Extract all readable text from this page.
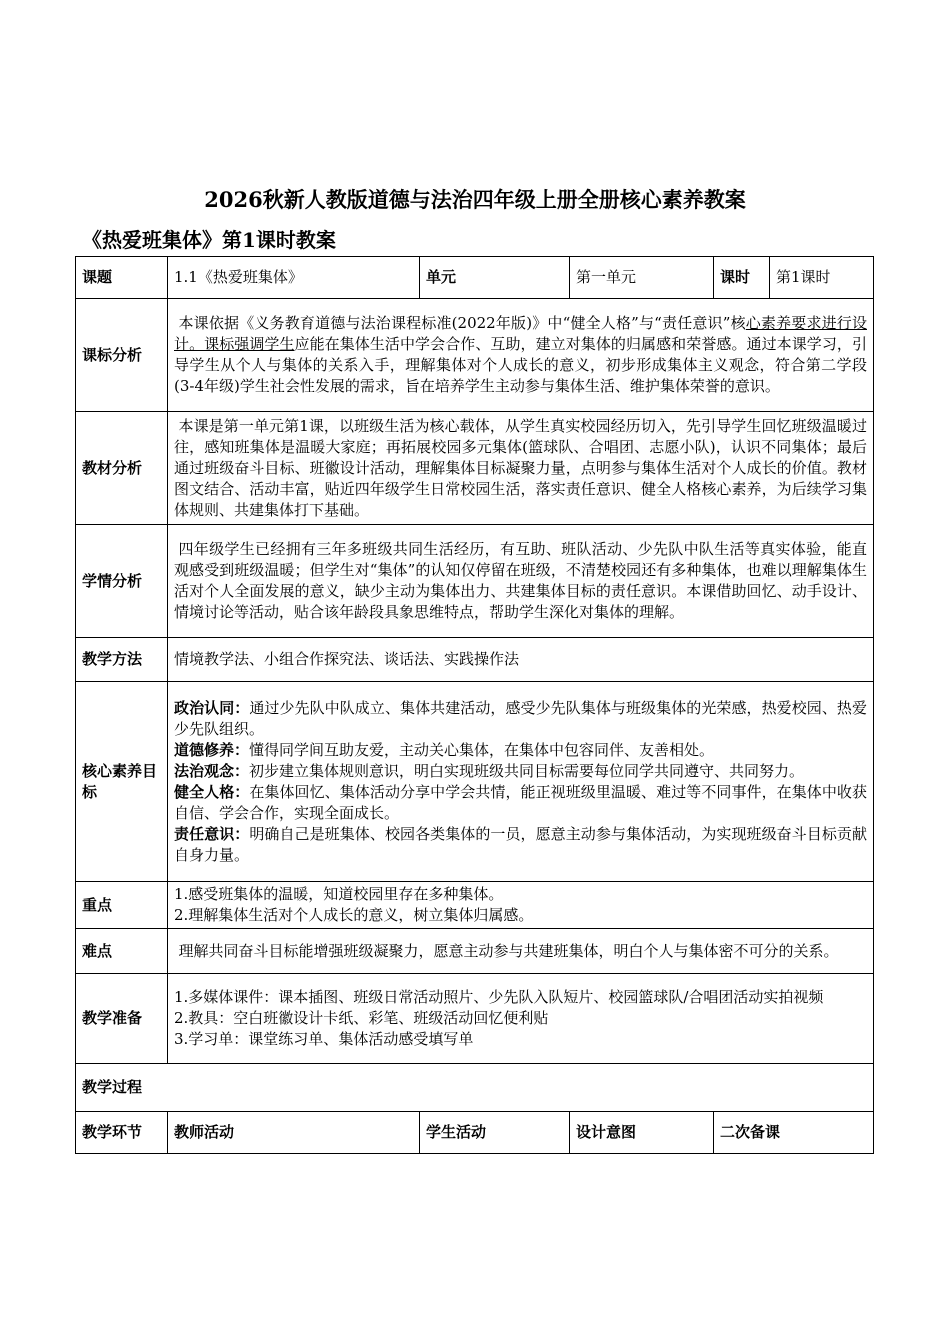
2026秋新人教版道德与法治四年级上册全册核心素养教案
《热爱班集体》第1课时教案
课题	1.1《热爱班集体》	单元	第一单元	课时	第1课时
课标分析	本课依据《义务教育道德与法治课程标准(2022年版)》中“健全人格”与“责任意识”核心素养要求进行设计。课标强调学生应能在集体生活中学会合作、互助，建立对集体的归属感和荣誉感。通过本课学习，引导学生从个人与集体的关系入手，理解集体对个人成长的意义，初步形成集体主义观念，符合第二学段(3-4年级)学生社会性发展的需求，旨在培养学生主动参与集体生活、维护集体荣誉的意识。				

教材分析	本课是第一单元第1课，以班级生活为核心载体，从学生真实校园经历切入，先引导学生回忆班级温暖过往，感知班集体是温暖大家庭；再拓展校园多元集体(篮球队、合唱团、志愿小队)，认识不同集体；最后通过班级奋斗目标、班徽设计活动，理解集体目标凝聚力量，点明参与集体生活对个人成长的价值。教材图文结合、活动丰富，贴近四年级学生日常校园生活，落实责任意识、健全人格核心素养，为后续学习集体规则、共建集体打下基础。				

学情分析	四年级学生已经拥有三年多班级共同生活经历，有互助、班队活动、少先队中队生活等真实体验，能直观感受到班级温暖；但学生对“集体”的认知仅停留在班级，不清楚校园还有多种集体，也难以理解集体生活对个人全面发展的意义，缺少主动为集体出力、共建集体目标的责任意识。本课借助回忆、动手设计、情境讨论等活动，贴合该年龄段具象思维特点，帮助学生深化对集体的理解。				

教学方法	情境教学法、小组合作探究法、谈话法、实践操作法				
核心素养目标	政治认同：通过少先队中队成立、集体共建活动，感受少先队集体与班级集体的光荣感，热爱校园、热爱少先队组织。
道德修养：懂得同学间互助友爱，主动关心集体，在集体中包容同伴、友善相处。
法治观念：初步建立集体规则意识，明白实现班级共同目标需要每位同学共同遵守、共同努力。
健全人格：在集体回忆、集体活动分享中学会共情，能正视班级里温暖、难过等不同事件，在集体中收获自信、学会合作，实现全面成长。
责任意识：明确自己是班集体、校园各类集体的一员，愿意主动参与集体活动，为实现班级奋斗目标贡献自身力量。				

重点	1.感受班集体的温暖，知道校园里存在多种集体。
2.理解集体生活对个人成长的意义，树立集体归属感。				

难点	理解共同奋斗目标能增强班级凝聚力，愿意主动参与共建班集体，明白个人与集体密不可分的关系。				

教学准备	1.多媒体课件：课本插图、班级日常活动照片、少先队入队短片、校园篮球队/合唱团活动实拍视频
2.教具：空白班徽设计卡纸、彩笔、班级活动回忆便利贴
3.学习单：课堂练习单、集体活动感受填写单				

教学过程					
教学环节	教师活动	学生活动	设计意图	二次备课	
